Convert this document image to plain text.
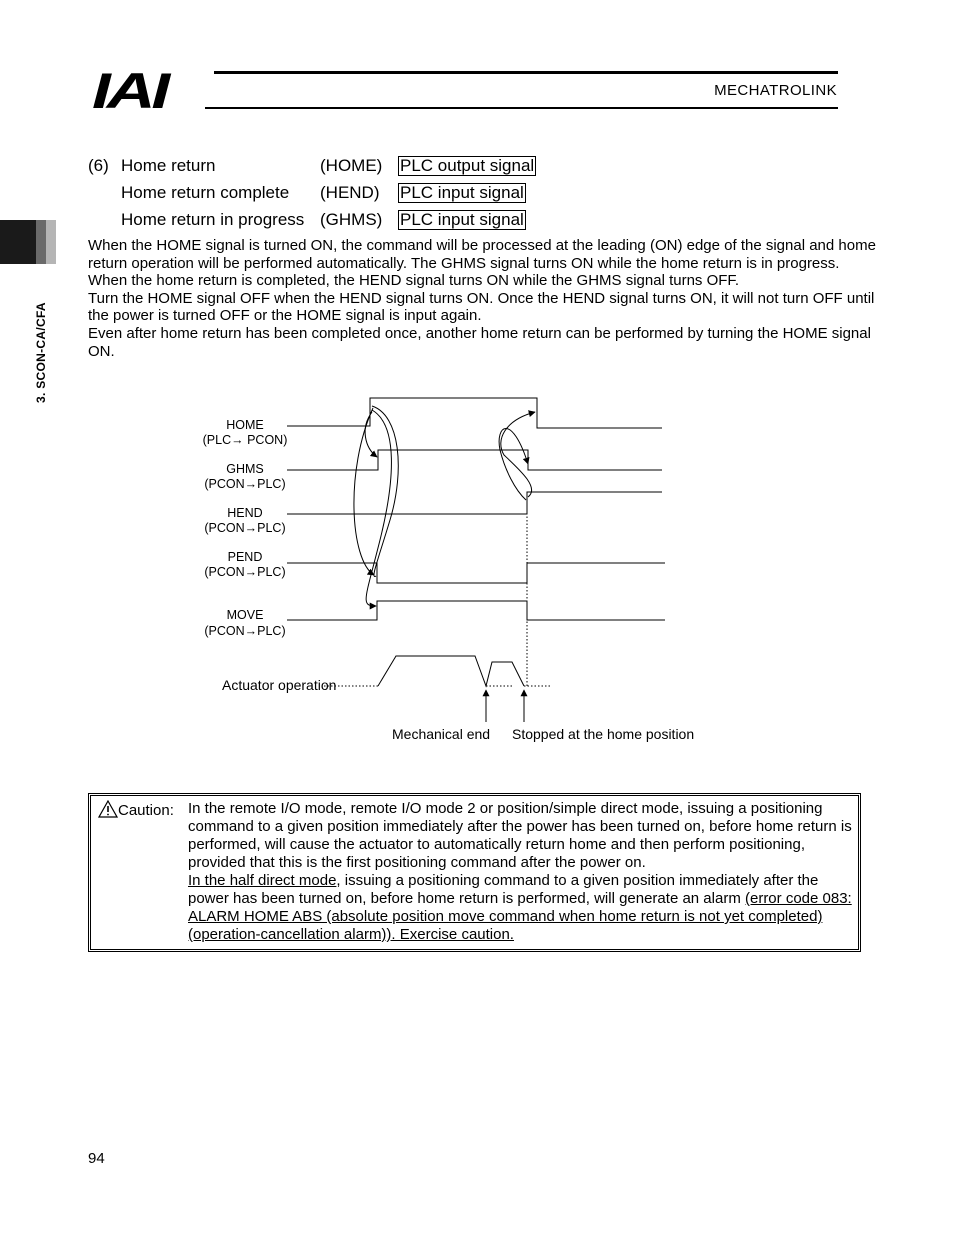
IAI	MECHATROLINK
3. SCON-CA/CFA
(6) Home return	(HOME) PLC output signal
Home return complete (HEND) PLC input signal
Home return in progress (GHMS) PLC input signal

When the HOME signal is turned ON, the command will be processed at the leading (ON) edge of the signal and home return operation will be performed automatically. The GHMS signal turns ON while the home return is in progress.

When the home return is completed, the HEND signal turns ON while the GHMS signal turns OFF.

Turn the HOME signal OFF when the HEND signal turns ON. Once the HEND signal turns ON, it will not turn OFF until the power is turned OFF or the HOME signal is input again.

Even after home return has been completed once, another home return can be performed by turning the HOME signal ON.

HOME
(PLC→ PCON)
GHMS
(PCON→PLC)
HEND
(PCON→PLC)
PEND
(PCON→PLC)
MOVE
(PCON→PLC)
Actuator operation
Mechanical end Stopped at the home position
Caution: In the remote I/O mode, remote I/O mode 2 or position/simple direct mode, issuing a positioning command to a given position immediately after the power has been turned on, before home return is performed, will cause the actuator to automatically return home and then perform positioning, provided that this is the first positioning command after the power on.

In the half direct mode, issuing a positioning command to a given position immediately after the power has been turned on, before home return is performed, will generate an alarm (error code 083: ALARM HOME ABS (absolute position move command when home return is not yet completed) (operation-cancellation alarm)). Exercise caution.

94
